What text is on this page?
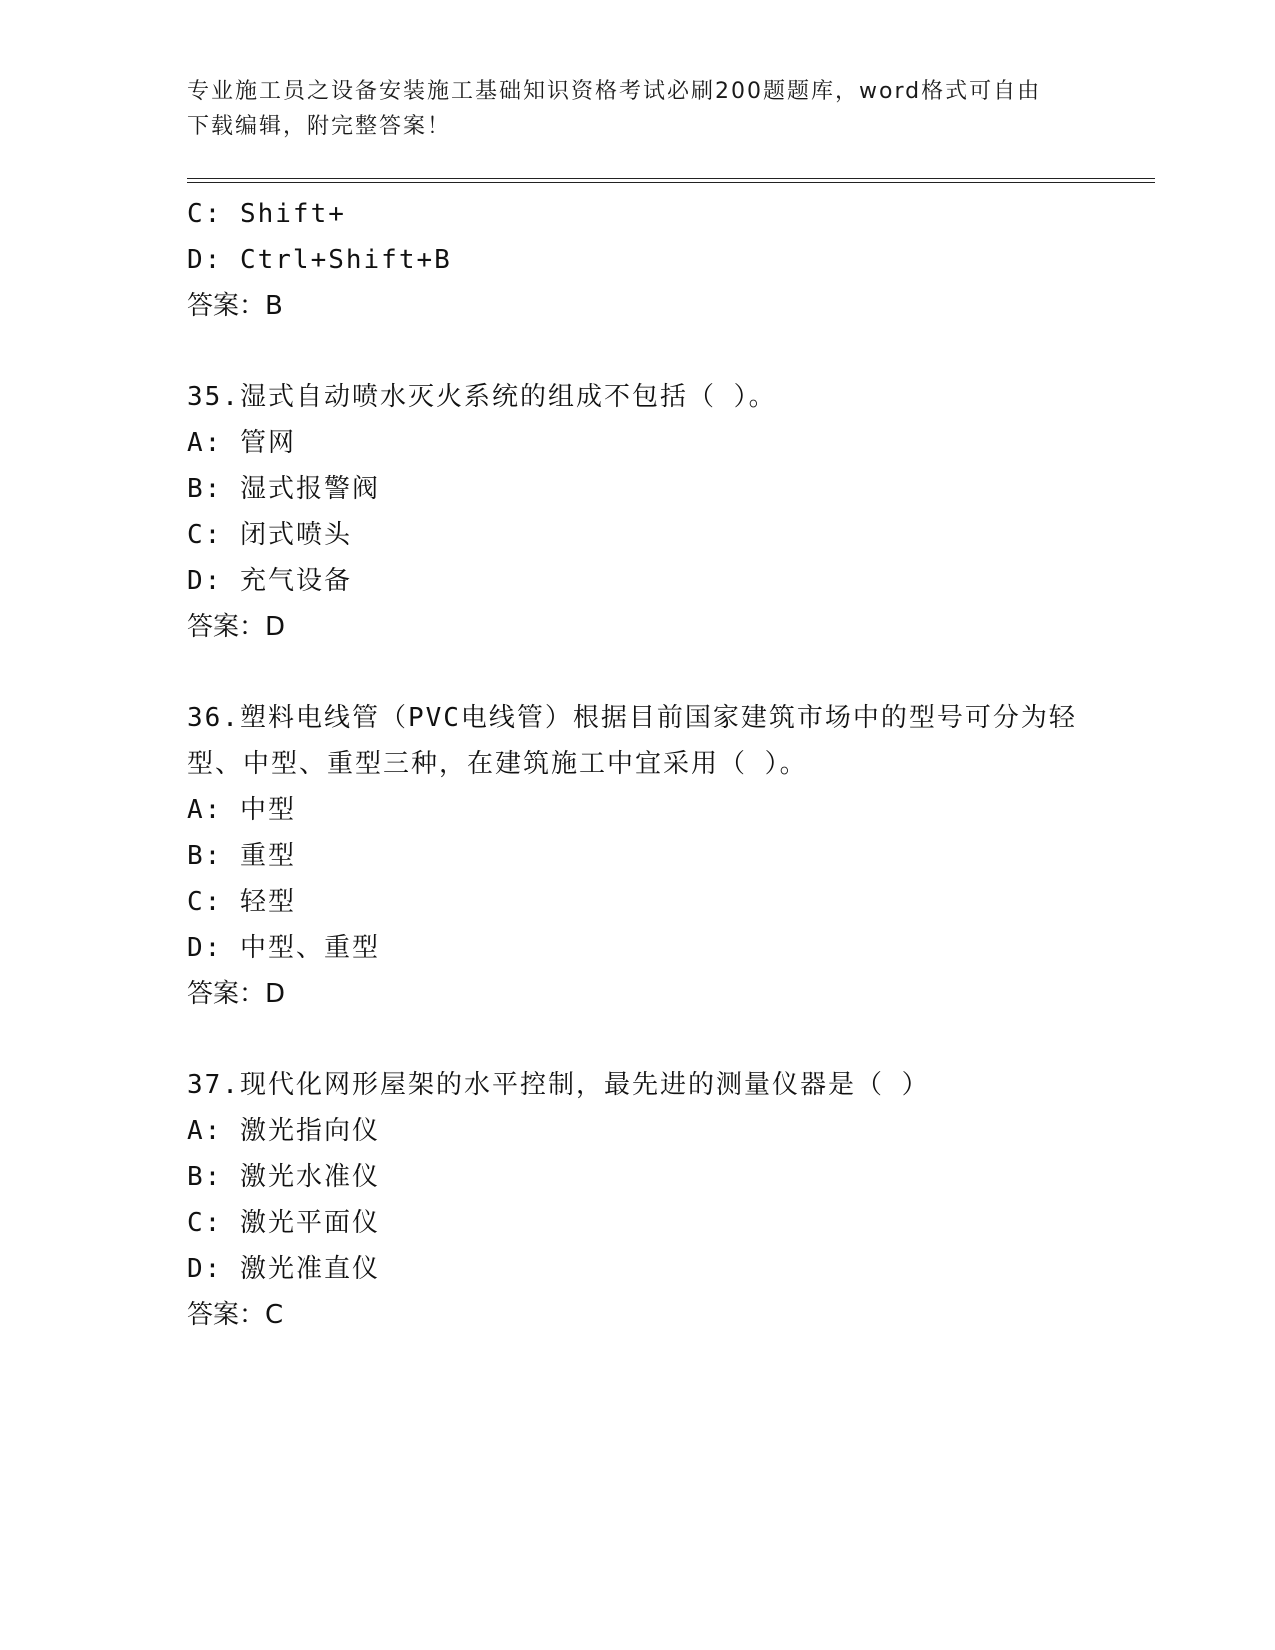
专业施工员之设备安装施工基础知识资格考试必刷200题题库，word格式可自由
下载编辑，附完整答案！
C: Shift+
D: Ctrl+Shift+B
答案：B
35.湿式自动喷水灭火系统的组成不包括（ ）。
A: 管网
B: 湿式报警阀
C: 闭式喷头
D: 充气设备
答案：D
36.塑料电线管（PVC电线管）根据目前国家建筑市场中的型号可分为轻型、中型、重型三种，在建筑施工中宜采用（ ）。
A: 中型
B: 重型
C: 轻型
D: 中型、重型
答案：D
37.现代化网形屋架的水平控制，最先进的测量仪器是（ ）
A: 激光指向仪
B: 激光水准仪
C: 激光平面仪
D: 激光准直仪
答案：C
